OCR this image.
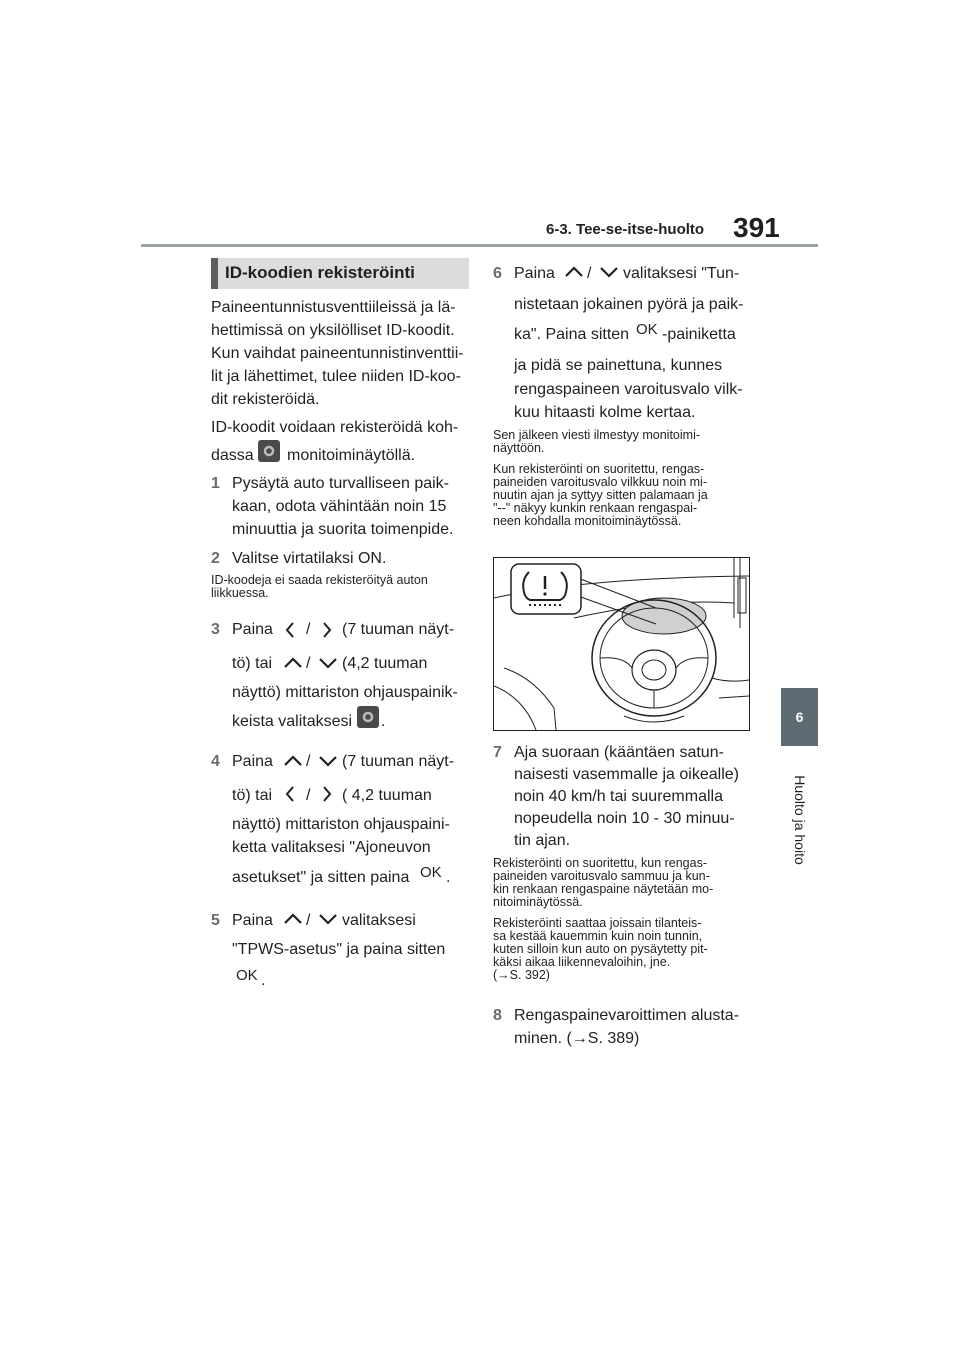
6-3. Tee-se-itse-huolto 391
6
Huolto ja hoito
ID-koodien rekisteröinti
Paineentunnistusventtiileissä ja lä-
hettimissä on yksilölliset ID-koodit.
Kun vaihdat paineentunnistinventtii-
lit ja lähettimet, tulee niiden ID-koo-
dit rekisteröidä.
ID-koodit voidaan rekisteröidä koh-
dassa monitoiminäytöllä.
1 Pysäytä auto turvalliseen paik-
kaan, odota vähintään noin 15
minuuttia ja suorita toimenpide.
2 Valitse virtatilaksi ON.
ID-koodeja ei saada rekisteröityä auton
liikkuessa.
3 Paina / (7 tuuman näyt-
tö) tai / (4,2 tuuman
näyttö) mittariston ohjauspainik-
keista valitaksesi .
4 Paina / (7 tuuman näyt-
tö) tai / ( 4,2 tuuman
näyttö) mittariston ohjauspaini-
ketta valitaksesi "Ajoneuvon
asetukset" ja sitten paina OK .
5 Paina / valitaksesi
"TPWS-asetus" ja paina sitten
OK .
6 Paina / valitaksesi "Tun-
nistetaan jokainen pyörä ja paik-
ka". Paina sitten OK -painiketta
ja pidä se painettuna, kunnes
rengaspaineen varoitusvalo vilk-
kuu hitaasti kolme kertaa.
Sen jälkeen viesti ilmestyy monitoimi-
näyttöön.
Kun rekisteröinti on suoritettu, rengas-
paineiden varoitusvalo vilkkuu noin mi-
nuutin ajan ja syttyy sitten palamaan ja
"--" näkyy kunkin renkaan rengaspai-
neen kohdalla monitoiminäytössä.
7 Aja suoraan (kääntäen satun-
naisesti vasemmalle ja oikealle)
noin 40 km/h tai suuremmalla
nopeudella noin 10 - 30 minuu-
tin ajan.
Rekisteröinti on suoritettu, kun rengas-
paineiden varoitusvalo sammuu ja kun-
kin renkaan rengaspaine näytetään mo-
nitoiminäytössä.
Rekisteröinti saattaa joissain tilanteis-
sa kestää kauemmin kuin noin tunnin,
kuten silloin kun auto on pysäytetty pit-
käksi aikaa liikennevaloihin, jne.
(→S. 392)
8 Rengaspainevaroittimen alusta-
minen. (→S. 389)
